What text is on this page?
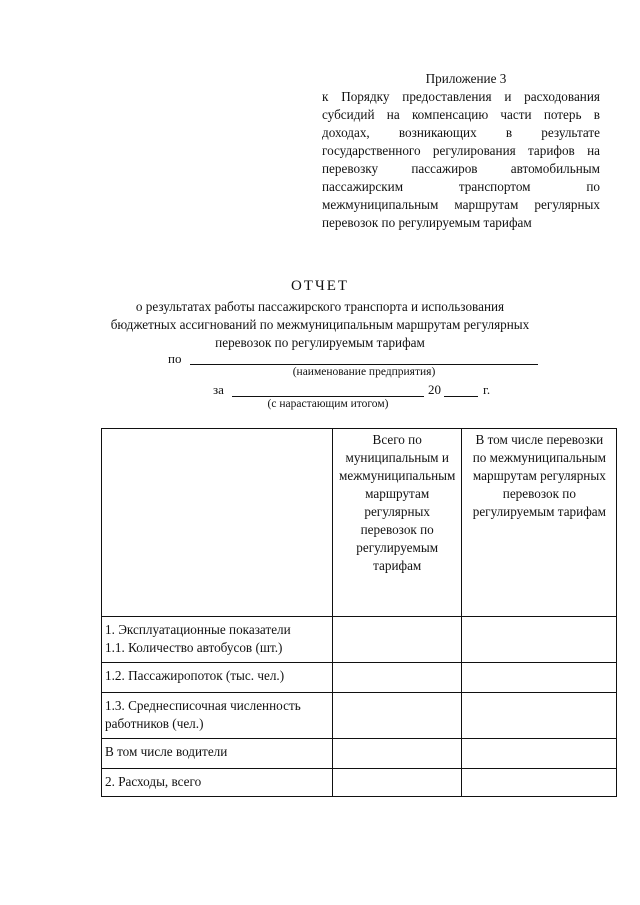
Приложение 3

к Порядку предоставления и расходования субсидий на компенсацию части потерь в доходах, возникающих в результате государственного регулирования тарифов на перевозку пассажиров автомобильным пассажирским транспортом по межмуниципальным маршрутам регулярных перевозок по регулируемым тарифам

ОТЧЕТ
о результатах работы пассажирского транспорта и использования
бюджетных ассигнований по межмуниципальным маршрутам регулярных
перевозок по регулируемым тарифам
по
(наименование предприятия)
за	20	г.
(с нарастающим итогом)

	Всего по муниципальным и межмуниципальным маршрутам регулярных перевозок по регулируемым тарифам	В том числе перевозки по межмуниципальным маршрутам регулярных перевозок по регулируемым тарифам

1. Эксплуатационные показатели
1.1. Количество автобусов (шт.)		

1.2. Пассажиропоток (тыс. чел.)		

1.3. Среднесписочная численность
работников (чел.)		

В том числе водители		

2. Расходы, всего		
